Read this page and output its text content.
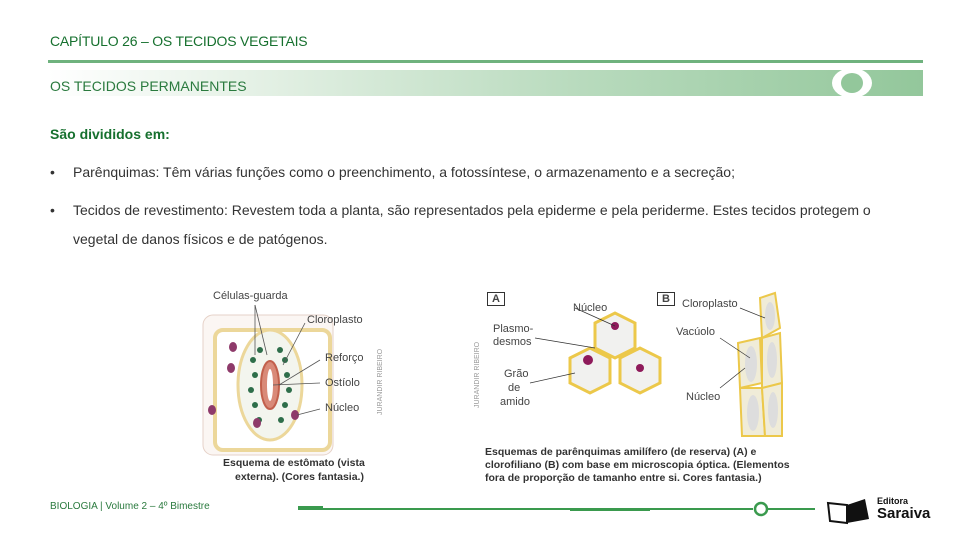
CAPÍTULO 26 – OS TECIDOS VEGETAIS
OS TECIDOS PERMANENTES
São divididos em:
• Parênquimas: Têm várias funções como o preenchimento, a fotossíntese, o armazenamento e a secreção;
• Tecidos de revestimento: Revestem toda a planta, são representados pela epiderme e pela periderme. Estes tecidos protegem o vegetal de danos físicos e de patógenos.
Células-guarda
Cloroplasto
Reforço
Ostíolo
Núcleo	JURANDIR RIBEIRO
Esquema de estômato (vista
externa). (Cores fantasia.)
A
Núcleo
Plasmo-
desmos
Grão
de
amido
JURANDIR RIBEIRO
B	Cloroplasto
Vacúolo
Núcleo
Esquemas de parênquimas amilífero (de reserva) (A) e
clorofiliano (B) com base em microscopia óptica. (Elementos
fora de proporção de tamanho entre si. Cores fantasia.)
BIOLOGIA | Volume 2 – 4º Bimestre	Editora
Saraiva
